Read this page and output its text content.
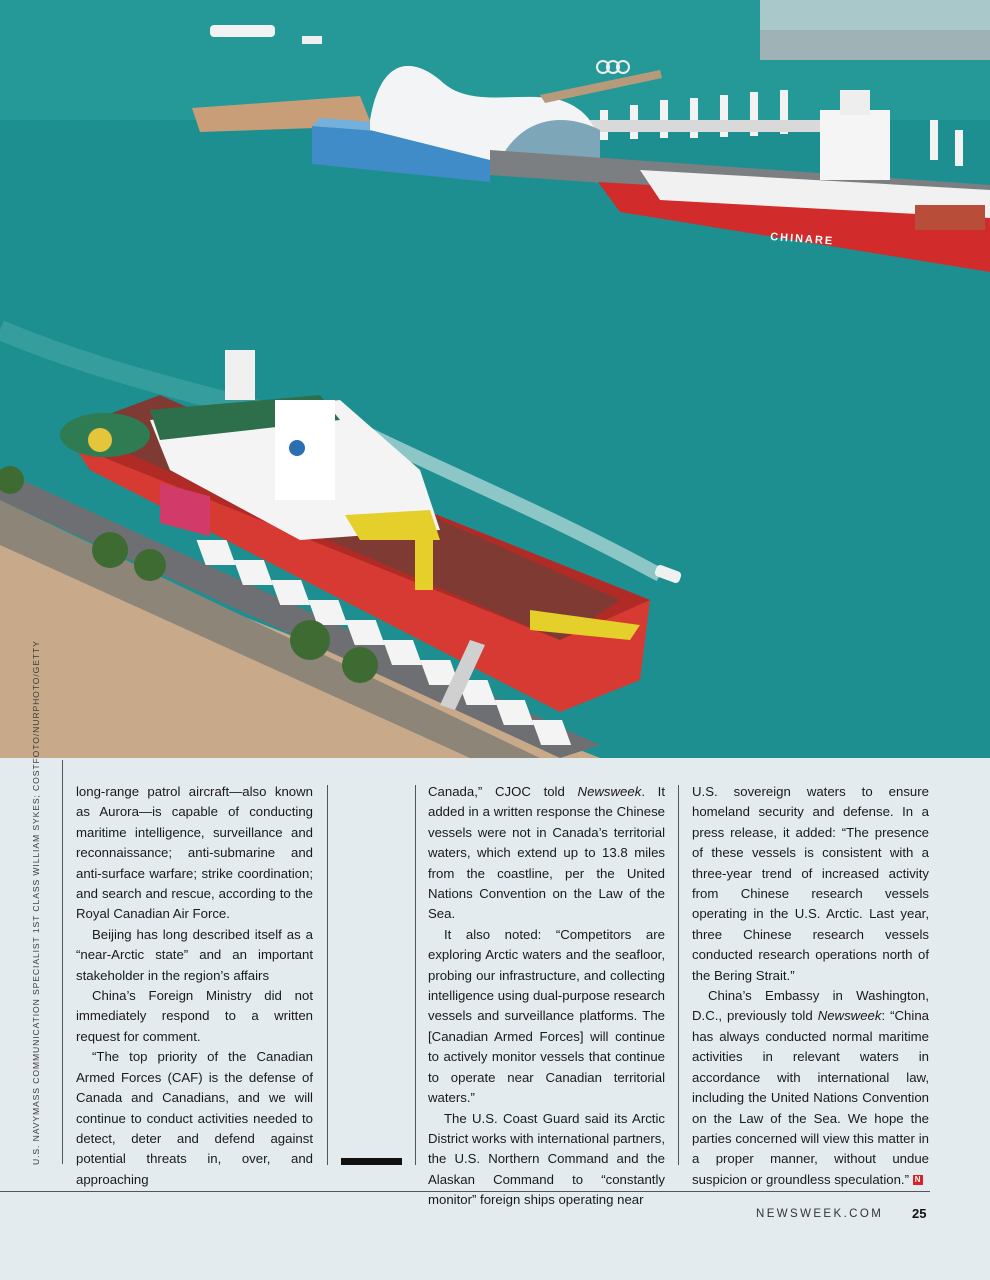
CHINARE
U.S. NAVYMASS COMMUNICATION SPECIALIST 1ST CLASS WILLIAM SYKES; COSTFOTO/NURPHOTO/GETTY	long-range patrol aircraft—also known as Aurora—is capable of conducting maritime intelligence, surveillance and reconnaissance; anti-submarine and anti-surface warfare; strike coordination; and search and rescue, according to the Royal Canadian Air Force.

Beijing has long described itself as a “near-Arctic state” and an important stakeholder in the region’s affairs

China’s Foreign Ministry did not immediately respond to a written request for comment.

“The top priority of the Canadian Armed Forces (CAF) is the defense of Canada and Canadians, and we will continue to conduct activities needed to detect, deter and defend against potential threats in, over, and approaching

Canada,” CJOC told Newsweek. It added in a written response the Chinese vessels were not in Canada’s territorial waters, which extend up to 13.8 miles from the coastline, per the United Nations Convention on the Law of the Sea.

It also noted: “Competitors are exploring Arctic waters and the seafloor, probing our infrastructure, and collecting intelligence using dual-purpose research vessels and surveillance platforms. The [Canadian Armed Forces] will continue to actively monitor vessels that continue to operate near Canadian territorial waters.”

The U.S. Coast Guard said its Arctic District works with international partners, the U.S. Northern Command and the Alaskan Command to “constantly monitor” foreign ships operating near

U.S. sovereign waters to ensure homeland security and defense. In a press release, it added: “The presence of these vessels is consistent with a three-year trend of increased activity from Chinese research vessels operating in the U.S. Arctic. Last year, three Chinese research vessels conducted research operations north of the Bering Strait.”

China’s Embassy in Washington, D.C., previously told Newsweek: “China has always conducted normal maritime activities in relevant waters in accordance with international law, including the United Nations Convention on the Law of the Sea. We hope the parties concerned will view this matter in a proper manner, without undue suspicion or groundless speculation.” N

NEWSWEEK.COM 25
